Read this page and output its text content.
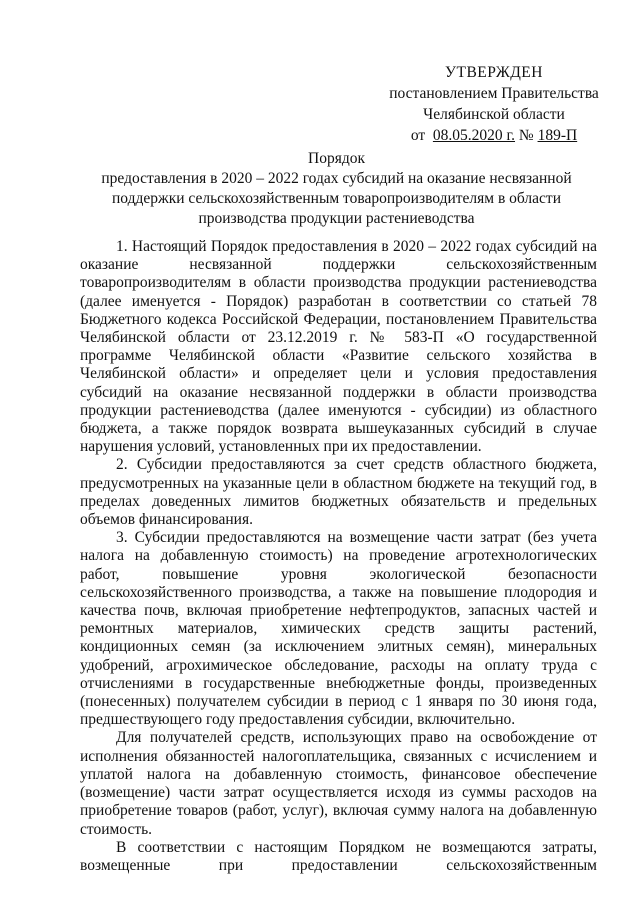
УТВЕРЖДЕН
постановлением Правительства
Челябинской области
от 08.05.2020 г. № 189-П
Порядок
предоставления в 2020 – 2022 годах субсидий на оказание несвязанной
поддержки сельскохозяйственным товаропроизводителям в области
производства продукции растениеводства

1. Настоящий Порядок предоставления в 2020 – 2022 годах субсидий на оказание несвязанной поддержки сельскохозяйственным товаропроизводителям в области производства продукции растениеводства (далее именуется - Порядок) разработан в соответствии со статьей 78 Бюджетного кодекса Российской Федерации, постановлением Правительства Челябинской области от 23.12.2019 г. № 583-П «О государственной программе Челябинской области «Развитие сельского хозяйства в Челябинской области» и определяет цели и условия предоставления субсидий на оказание несвязанной поддержки в области производства продукции растениеводства (далее именуются - субсидии) из областного бюджета, а также порядок возврата вышеуказанных субсидий в случае нарушения условий, установленных при их предоставлении.

2. Субсидии предоставляются за счет средств областного бюджета, предусмотренных на указанные цели в областном бюджете на текущий год, в пределах доведенных лимитов бюджетных обязательств и предельных объемов финансирования.

3. Субсидии предоставляются на возмещение части затрат (без учета налога на добавленную стоимость) на проведение агротехнологических работ, повышение уровня экологической безопасности сельскохозяйственного производства, а также на повышение плодородия и качества почв, включая приобретение нефтепродуктов, запасных частей и ремонтных материалов, химических средств защиты растений, кондиционных семян (за исключением элитных семян), минеральных удобрений, агрохимическое обследование, расходы на оплату труда с отчислениями в государственные внебюджетные фонды, произведенных (понесенных) получателем субсидии в период с 1 января по 30 июня года, предшествующего году предоставления субсидии, включительно.

Для получателей средств, использующих право на освобождение от исполнения обязанностей налогоплательщика, связанных с исчислением и уплатой налога на добавленную стоимость, финансовое обеспечение (возмещение) части затрат осуществляется исходя из суммы расходов на приобретение товаров (работ, услуг), включая сумму налога на добавленную стоимость.

В соответствии с настоящим Порядком не возмещаются затраты, возмещенные при предоставлении сельскохозяйственным
